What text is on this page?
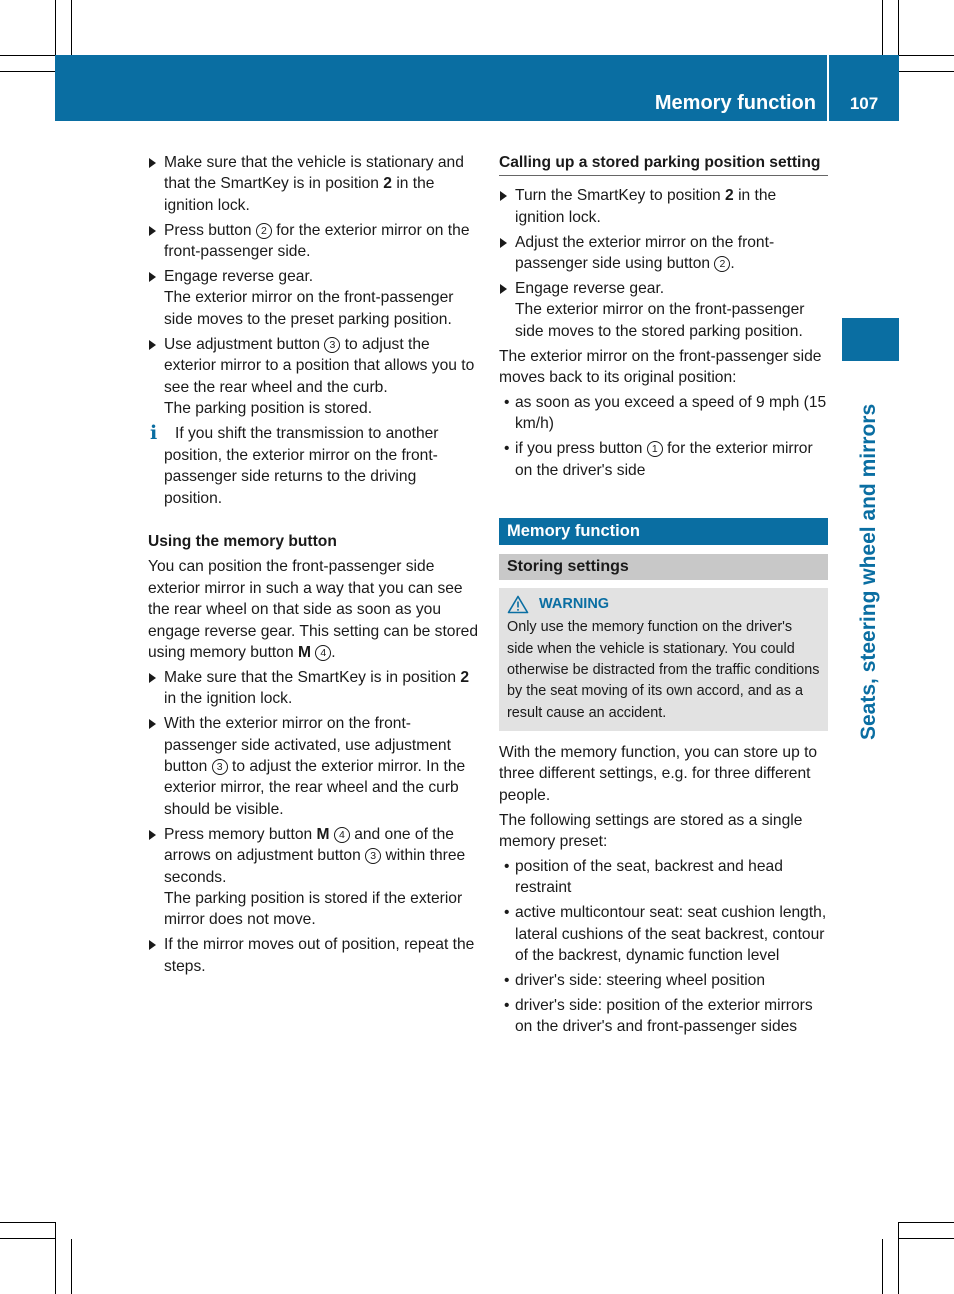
Memory function	107
Seats, steering wheel and mirrors
Make sure that the vehicle is stationary and that the SmartKey is in position 2 in the ignition lock.
Press button 2 for the exterior mirror on the front-passenger side.
Engage reverse gear.
The exterior mirror on the front-passenger side moves to the preset parking position.
Use adjustment button 3 to adjust the exterior mirror to a position that allows you to see the rear wheel and the curb.
The parking position is stored.
i	If you shift the transmission to another position, the exterior mirror on the front-passenger side returns to the driving position.
Using the memory button
You can position the front-passenger side exterior mirror in such a way that you can see the rear wheel on that side as soon as you engage reverse gear. This setting can be stored using memory button M 4 .
Make sure that the SmartKey is in position 2 in the ignition lock.
With the exterior mirror on the front-passenger side activated, use adjustment button 3 to adjust the exterior mirror. In the exterior mirror, the rear wheel and the curb should be visible.
Press memory button M 4 and one of the arrows on adjustment button 3 within three seconds.
The parking position is stored if the exterior mirror does not move.
If the mirror moves out of position, repeat the steps.
Calling up a stored parking position setting
Turn the SmartKey to position 2 in the ignition lock.
Adjust the exterior mirror on the front-passenger side using button 2 .
Engage reverse gear.
The exterior mirror on the front-passenger side moves to the stored parking position.
The exterior mirror on the front-passenger side moves back to its original position:
• as soon as you exceed a speed of 9 mph (15 km/h)
• if you press button 1 for the exterior mirror on the driver's side
Memory function
Storing settings
WARNING
Only use the memory function on the driver's side when the vehicle is stationary. You could otherwise be distracted from the traffic conditions by the seat moving of its own accord, and as a result cause an accident.
With the memory function, you can store up to three different settings, e.g. for three different people.
The following settings are stored as a single memory preset:
• position of the seat, backrest and head restraint
• active multicontour seat: seat cushion length, lateral cushions of the seat backrest, contour of the backrest, dynamic function level
• driver's side: steering wheel position
• driver's side: position of the exterior mirrors on the driver's and front-passenger sides
